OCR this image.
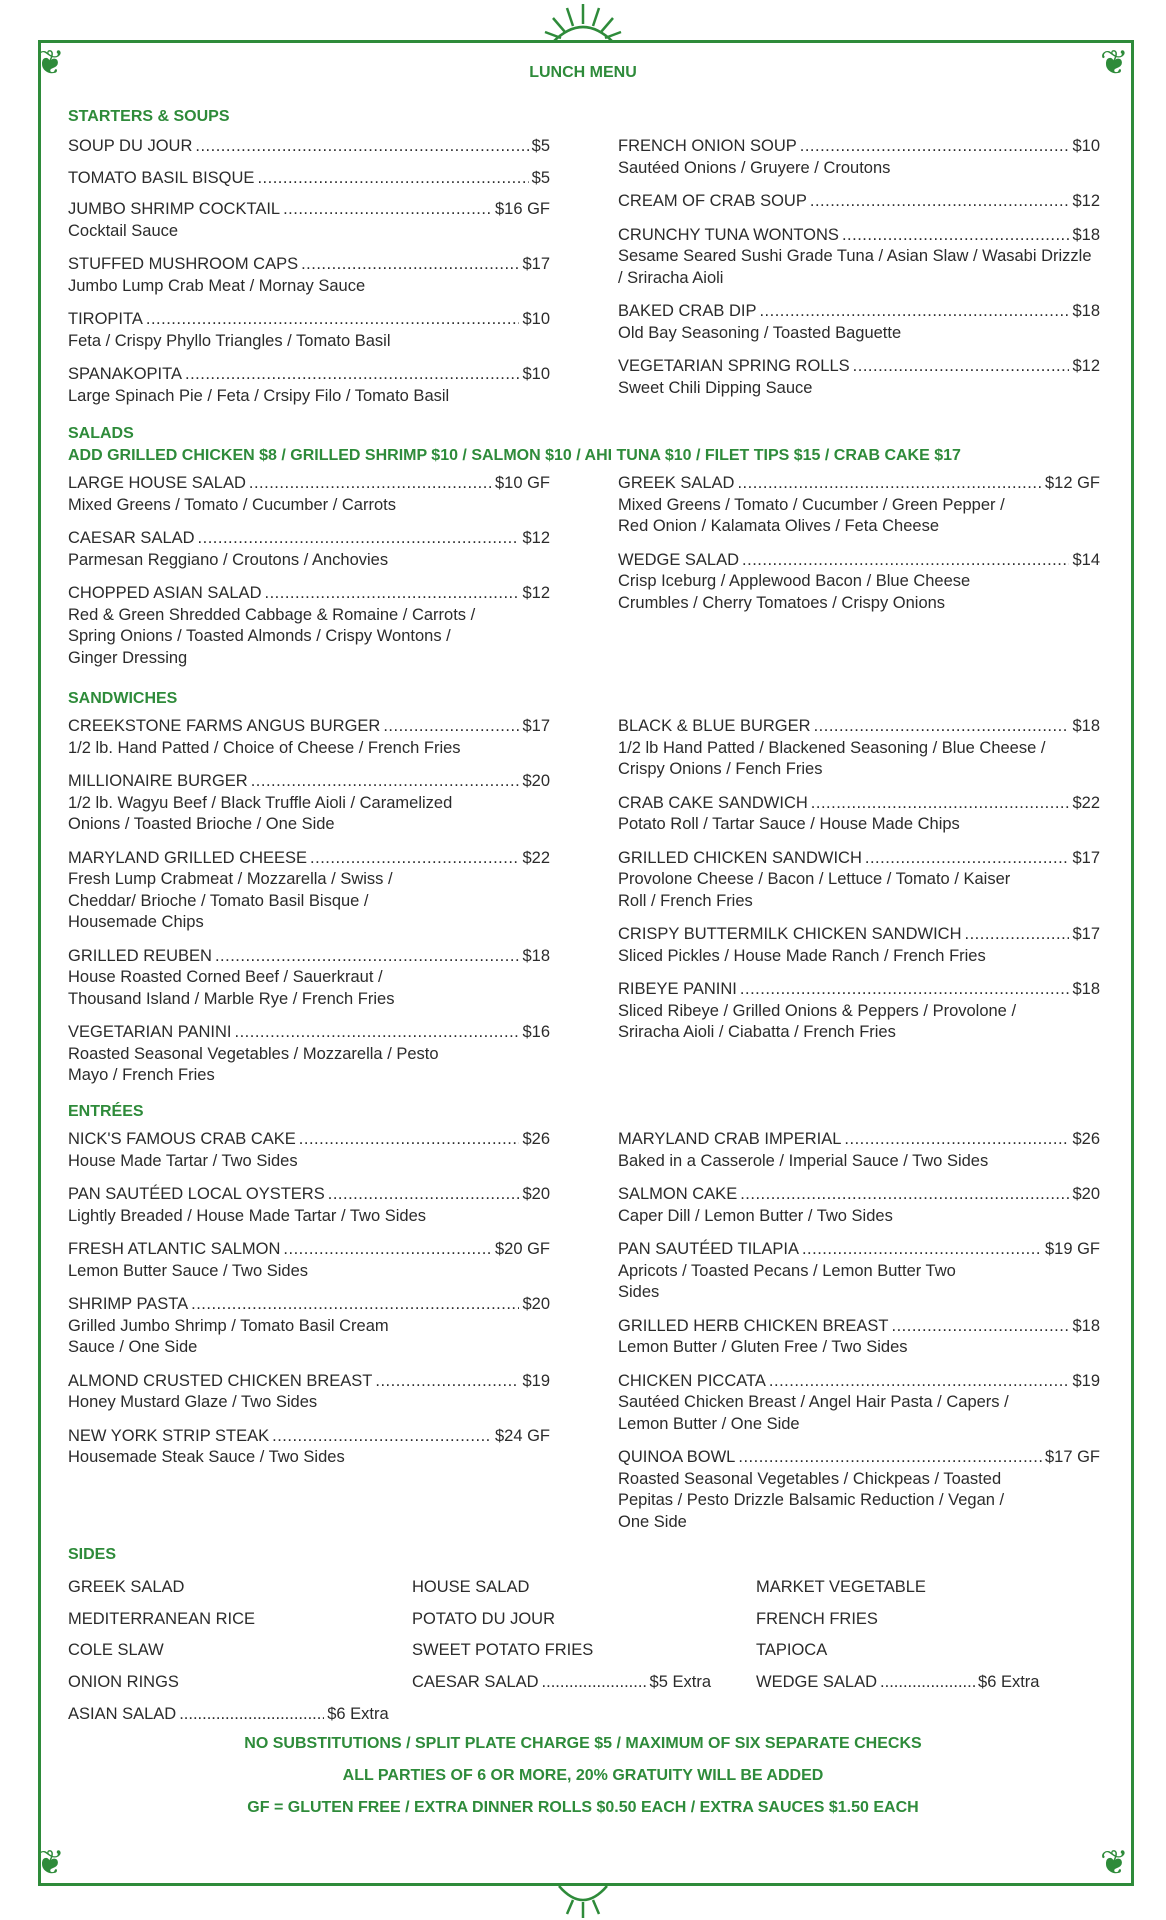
❦	❦
❦	❦
LUNCH MENU
STARTERS & SOUPS
SOUP DU JOUR .....	$5
TOMATO BASIL BISQUE .....	$5
JUMBO SHRIMP COCKTAIL .....	$16 GF
Cocktail Sauce
STUFFED MUSHROOM CAPS .....	$17
Jumbo Lump Crab Meat / Mornay Sauce
TIROPITA .....	$10
Feta / Crispy Phyllo Triangles / Tomato Basil
SPANAKOPITA .....	$10
Large Spinach Pie / Feta / Crsipy Filo / Tomato Basil
FRENCH ONION SOUP .....	$10
Sautéed Onions / Gruyere / Croutons
CREAM OF CRAB SOUP .....	$12
CRUNCHY TUNA WONTONS .....	$18
Sesame Seared Sushi Grade Tuna / Asian Slaw / Wasabi Drizzle / Sriracha Aioli
BAKED CRAB DIP .....	$18
Old Bay Seasoning / Toasted Baguette
VEGETARIAN SPRING ROLLS .....	$12
Sweet Chili Dipping Sauce
SALADS
ADD GRILLED CHICKEN $8 / GRILLED SHRIMP $10 / SALMON $10 / AHI TUNA $10 / FILET TIPS $15 / CRAB CAKE $17
LARGE HOUSE SALAD .....	$10 GF
Mixed Greens / Tomato / Cucumber / Carrots
CAESAR SALAD .....	$12
Parmesan Reggiano / Croutons / Anchovies
CHOPPED ASIAN SALAD .....	$12
Red & Green Shredded Cabbage & Romaine / Carrots / Spring Onions / Toasted Almonds / Crispy Wontons / Ginger Dressing
GREEK SALAD .....	$12 GF
Mixed Greens / Tomato / Cucumber / Green Pepper / Red Onion / Kalamata Olives / Feta Cheese
WEDGE SALAD .....	$14
Crisp Iceburg / Applewood Bacon / Blue Cheese Crumbles / Cherry Tomatoes / Crispy Onions
SANDWICHES
CREEKSTONE FARMS ANGUS BURGER .....	$17
1/2 lb. Hand Patted / Choice of Cheese / French Fries
MILLIONAIRE BURGER .....	$20
1/2 lb. Wagyu Beef / Black Truffle Aioli / Caramelized Onions / Toasted Brioche / One Side
MARYLAND GRILLED CHEESE .....	$22
Fresh Lump Crabmeat / Mozzarella / Swiss / Cheddar/ Brioche / Tomato Basil Bisque / Housemade Chips
GRILLED REUBEN .....	$18
House Roasted Corned Beef / Sauerkraut / Thousand Island / Marble Rye / French Fries
VEGETARIAN PANINI .....	$16
Roasted Seasonal Vegetables / Mozzarella / Pesto Mayo / French Fries
BLACK & BLUE BURGER .....	$18
1/2 lb Hand Patted / Blackened Seasoning / Blue Cheese / Crispy Onions / Fench Fries
CRAB CAKE SANDWICH .....	$22
Potato Roll / Tartar Sauce / House Made Chips
GRILLED CHICKEN SANDWICH .....	$17
Provolone Cheese / Bacon / Lettuce / Tomato / Kaiser Roll / French Fries
CRISPY BUTTERMILK CHICKEN SANDWICH .....	$17
Sliced Pickles / House Made Ranch / French Fries
RIBEYE PANINI .....	$18
Sliced Ribeye / Grilled Onions & Peppers / Provolone / Sriracha Aioli / Ciabatta / French Fries
ENTRÉES
NICK'S FAMOUS CRAB CAKE .....	$26
House Made Tartar / Two Sides
PAN SAUTÉED LOCAL OYSTERS .....	$20
Lightly Breaded / House Made Tartar / Two Sides
FRESH ATLANTIC SALMON .....	$20 GF
Lemon Butter Sauce / Two Sides
SHRIMP PASTA .....	$20
Grilled Jumbo Shrimp / Tomato Basil Cream Sauce / One Side
ALMOND CRUSTED CHICKEN BREAST .....	$19
Honey Mustard Glaze / Two Sides
NEW YORK STRIP STEAK .....	$24 GF
Housemade Steak Sauce / Two Sides
MARYLAND CRAB IMPERIAL .....	$26
Baked in a Casserole / Imperial Sauce / Two Sides
SALMON CAKE .....	$20
Caper Dill / Lemon Butter / Two Sides
PAN SAUTÉED TILAPIA .....	$19 GF
Apricots / Toasted Pecans / Lemon Butter Two Sides
GRILLED HERB CHICKEN BREAST .....	$18
Lemon Butter / Gluten Free / Two Sides
CHICKEN PICCATA .....	$19
Sautéed Chicken Breast / Angel Hair Pasta / Capers / Lemon Butter / One Side
QUINOA BOWL .....	$17 GF
Roasted Seasonal Vegetables / Chickpeas / Toasted Pepitas / Pesto Drizzle Balsamic Reduction / Vegan / One Side
SIDES
GREEK SALAD	HOUSE SALAD	MARKET VEGETABLE
MEDITERRANEAN RICE	POTATO DU JOUR	FRENCH FRIES
COLE SLAW	SWEET POTATO FRIES	TAPIOCA
ONION RINGS	CAESAR SALAD .....	$5 Extra	WEDGE SALAD .....	$6 Extra
ASIAN SALAD .....	$6 Extra
NO SUBSTITUTIONS / SPLIT PLATE CHARGE $5 / MAXIMUM OF SIX SEPARATE CHECKS
ALL PARTIES OF 6 OR MORE, 20% GRATUITY WILL BE ADDED
GF = GLUTEN FREE / EXTRA DINNER ROLLS $0.50 EACH / EXTRA SAUCES $1.50 EACH
